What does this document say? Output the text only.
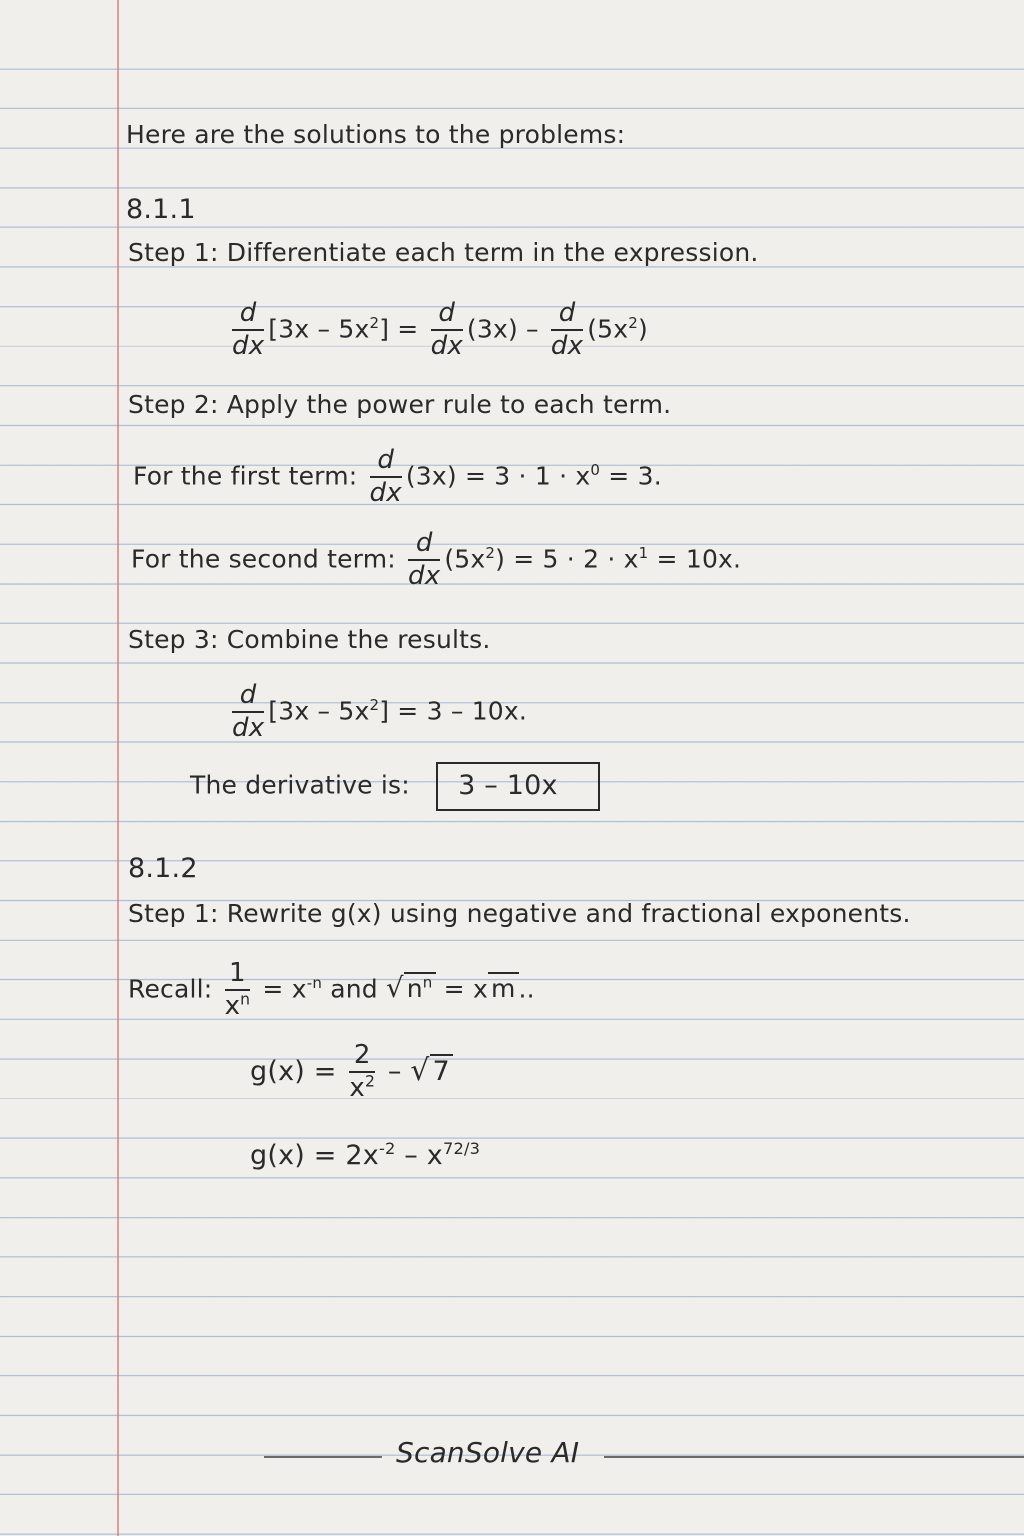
Here are the solutions to the problems:
8.1.1
Step 1: Differentiate each term in the expression.
$\frac{d}{dx} [3x - 5x^2] = \frac{d}{dx} (3x) - \frac{d}{dx} (5x^2)$
Step 2: Apply the power rule to each term.
For the first term: $\frac{d}{dx} (3x) = 3 \cdot 1 \cdot x^0 = 3$.
For the second term: $\frac{d}{dx} (5x^2) = 5 \cdot 2 \cdot x^1 = 10x$.
Step 3: Combine the results.
$\frac{d}{dx} [3x - 5x^2] = 3 - 10x$.
The derivative is: 3 – 10x
8.1.2
Step 1: Rewrite g(x) using negative and fractional exponents.
Recall: $\frac{1}{x^n} = x^{-n}$ and √ $n^n = x$ m ..
$g(x) = \frac{2}{x^2}$ – √ 7
$g(x) = 2x^{-2} - x^{72/3}$
ScanSolve AI
